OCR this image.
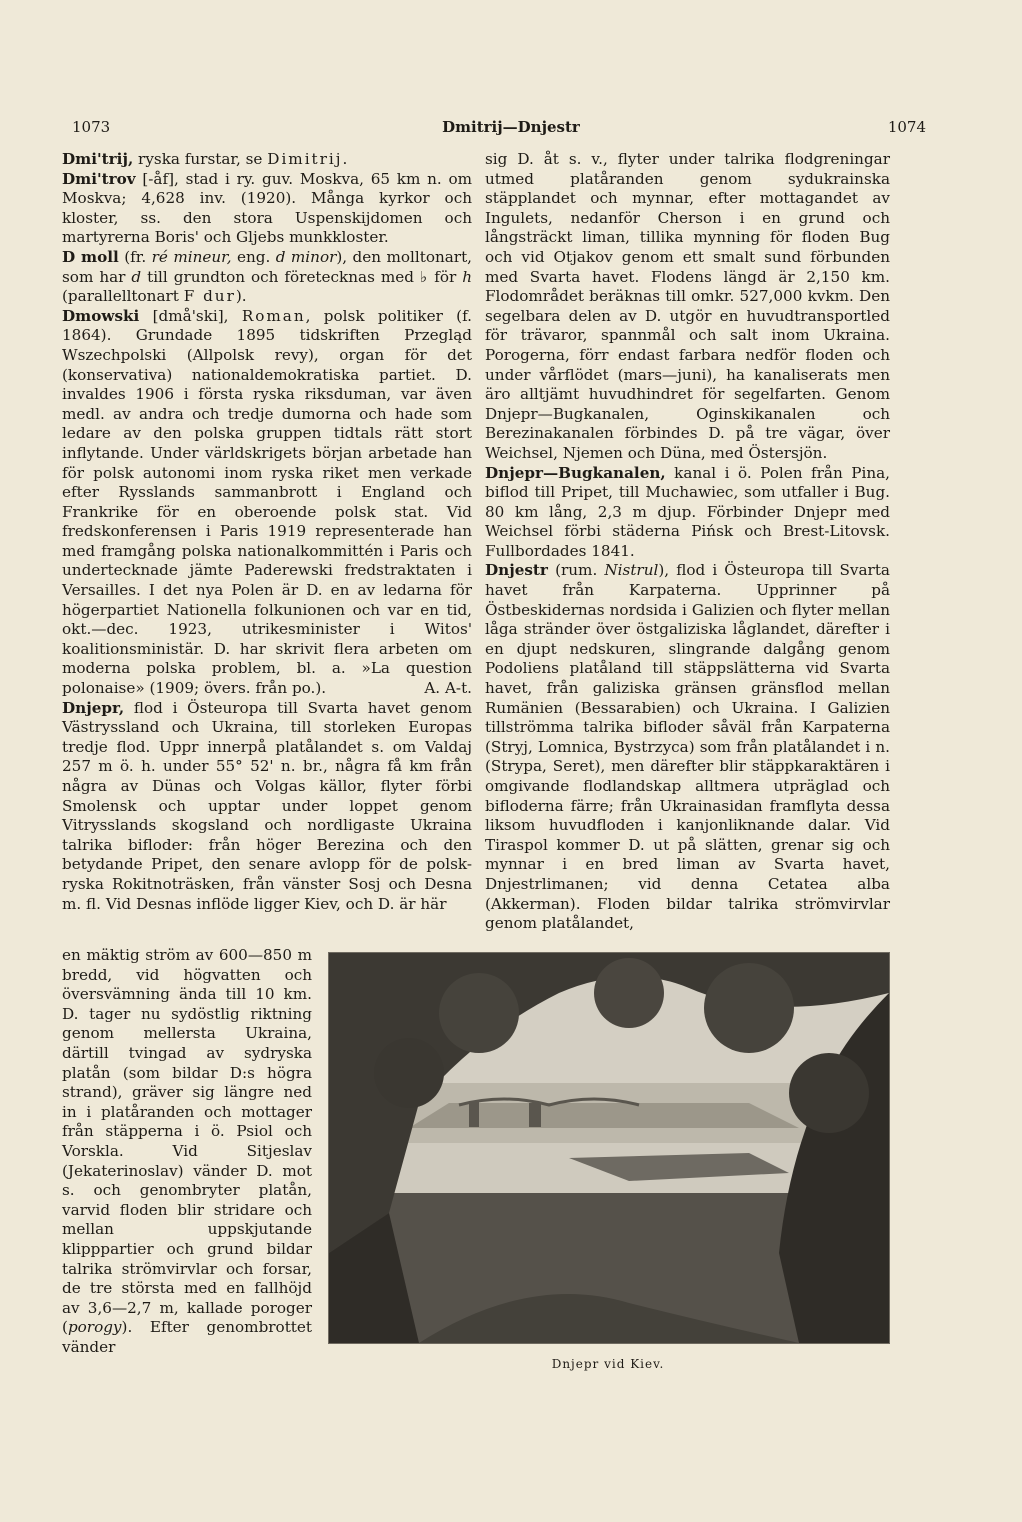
1073	Dmitrij—Dnjestr	1074

Dmi'trij, ryska furstar, se Dimitrij.

Dmi'trov [-åf], stad i ry. guv. Moskva, 65 km n. om Moskva; 4,628 inv. (1920). Många kyrkor och kloster, ss. den stora Uspenskijdomen och martyrerna Boris' och Gljebs munkkloster.

D moll (fr. ré mineur, eng. d minor), den molltonart, som har d till grundton och företecknas med ♭ för h (parallelltonart F dur).

Dmowski [dmå'ski], Roman, polsk politiker (f. 1864). Grundade 1895 tidskriften Przegląd Wszechpolski (Allpolsk revy), organ för det (konservativa) nationaldemokratiska partiet. D. invaldes 1906 i första ryska riksduman, var även medl. av andra och tredje dumorna och hade som ledare av den polska gruppen tidtals rätt stort inflytande. Under världskrigets början arbetade han för polsk autonomi inom ryska riket men verkade efter Rysslands sammanbrott i England och Frankrike för en oberoende polsk stat. Vid fredskonferensen i Paris 1919 representerade han med framgång polska nationalkommittén i Paris och undertecknade jämte Paderewski fredstraktaten i Versailles. I det nya Polen är D. en av ledarna för högerpartiet Nationella folkunionen och var en tid, okt.—dec. 1923, utrikesminister i Witos' koalitionsministär. D. har skrivit flera arbeten om moderna polska problem, bl. a. »La question polonaise» (1909; övers. från po.).	A. A-t.

Dnjepr, flod i Östeuropa till Svarta havet genom Västryssland och Ukraina, till storleken Europas tredje flod. Uppr innerpå platålandet s. om Valdaj 257 m ö. h. under 55° 52' n. br., några få km från några av Dünas och Volgas källor, flyter förbi Smolensk och upptar under loppet genom Vitrysslands skogsland och nordligaste Ukraina talrika bifloder: från höger Berezina och den betydande Pripet, den senare avlopp för de polsk-ryska Rokitnoträsken, från vänster Sosj och Desna m. fl. Vid Desnas inflöde ligger Kiev, och D. är här

en mäktig ström av 600—850 m bredd, vid högvatten och översvämning ända till 10 km. D. tager nu sydöstlig riktning genom mellersta Ukraina, därtill tvingad av sydryska platån (som bildar D:s högra strand), gräver sig längre ned in i platåranden och mottager från stäpperna i ö. Psiol och Vorskla. Vid Sitjeslav (Jekaterinoslav) vänder D. mot s. och genombryter platån, varvid floden blir stridare och mellan uppskjutande klipppartier och grund bildar talrika strömvirvlar och forsar, de tre största med en fallhöjd av 3,6—2,7 m, kallade poroger (porogy). Efter genombrottet vänder

sig D. åt s. v., flyter under talrika flodgreningar utmed platåranden genom sydukrainska stäpplandet och mynnar, efter mottagandet av Ingulets, nedanför Cherson i en grund och långsträckt liman, tillika mynning för floden Bug och vid Otjakov genom ett smalt sund förbunden med Svarta havet. Flodens längd är 2,150 km. Flodområdet beräknas till omkr. 527,000 kvkm. Den segelbara delen av D. utgör en huvudtransportled för trävaror, spannmål och salt inom Ukraina. Porogerna, förr endast farbara nedför floden och under vårflödet (mars—juni), ha kanaliserats men äro alltjämt huvudhindret för segelfarten. Genom Dnjepr—Bugkanalen, Oginskikanalen och Berezinakanalen förbindes D. på tre vägar, över Weichsel, Njemen och Düna, med Östersjön.

Dnjepr—Bugkanalen, kanal i ö. Polen från Pina, biflod till Pripet, till Muchawiec, som utfaller i Bug. 80 km lång, 2,3 m djup. Förbinder Dnjepr med Weichsel förbi städerna Pińsk och Brest-Litovsk. Fullbordades 1841.

Dnjestr (rum. Nistrul), flod i Östeuropa till Svarta havet från Karpaterna. Upprinner på Östbeskidernas nordsida i Galizien och flyter mellan låga stränder över östgaliziska låglandet, därefter i en djupt nedskuren, slingrande dalgång genom Podoliens platåland till stäppslätterna vid Svarta havet, från galiziska gränsen gränsflod mellan Rumänien (Bessarabien) och Ukraina. I Galizien tillströmma talrika bifloder såväl från Karpaterna (Stryj, Lomnica, Bystrzyca) som från platålandet i n. (Strypa, Seret), men därefter blir stäppkaraktären i omgivande flodlandskap alltmera utpräglad och bifloderna färre; från Ukrainasidan framflyta dessa liksom huvudfloden i kanjonliknande dalar. Vid Tiraspol kommer D. ut på slätten, grenar sig och mynnar i en bred liman av Svarta havet, Dnjestrlimanen; vid denna Cetatea alba (Akkerman). Floden bildar talrika strömvirvlar genom platålandet,

Dnjepr vid Kiev.
